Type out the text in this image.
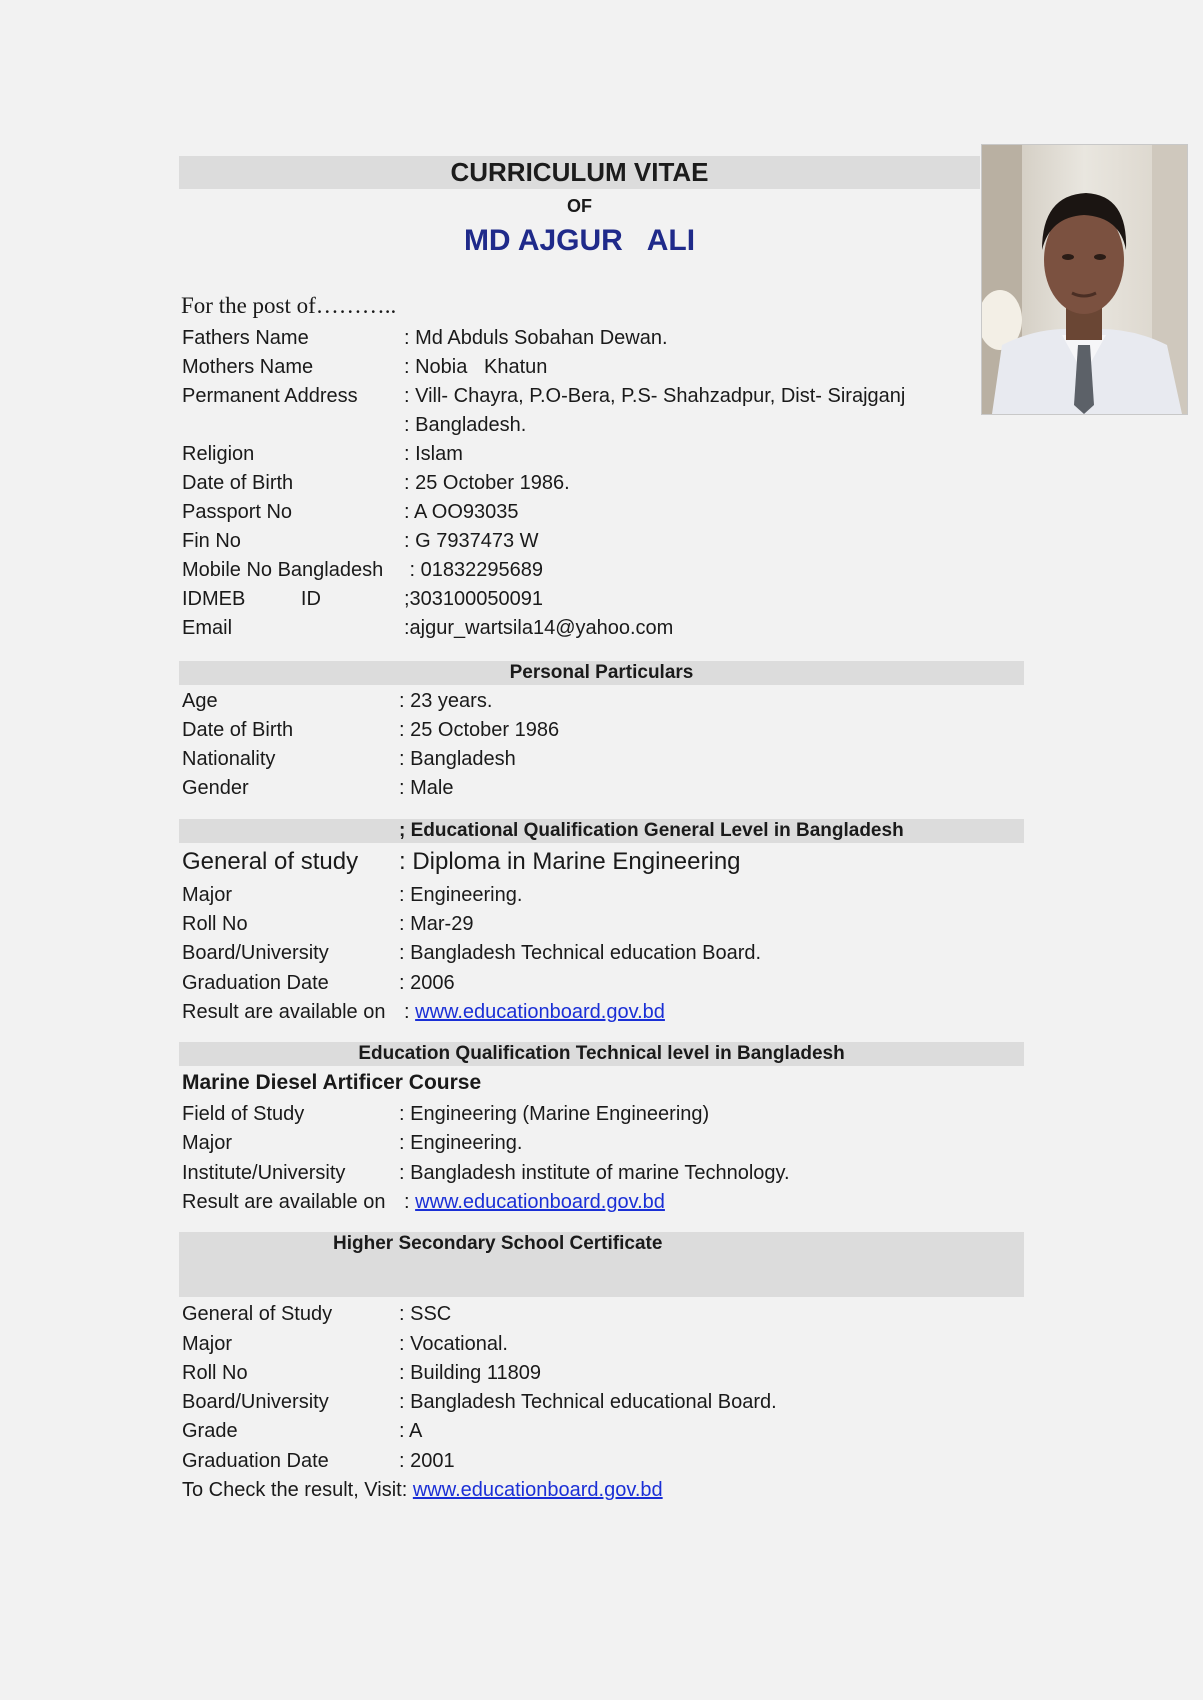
CURRICULUM VITAE
OF
MD AJGUR   ALI
For the post of………..
Fathers Name	: Md Abduls Sobahan Dewan.
Mothers Name	: Nobia   Khatun
Permanent Address : Vill- Chayra, P.O-Bera, P.S- Shahzadpur, Dist- Sirajganj
: Bangladesh.
Religion	: Islam
Date of Birth	: 25 October 1986.
Passport No	: A OO93035
Fin No	: G 7937473 W
Mobile No Bangladesh : 01832295689
IDMEB          ID	;303100050091
Email	:ajgur_wartsila14@yahoo.com
Personal Particulars
Age	: 23 years.
Date of Birth	: 25 October 1986
Nationality	: Bangladesh
Gender	: Male
; Educational Qualification General Level in Bangladesh
General of study : Diploma in Marine Engineering
Major	: Engineering.
Roll No	: Mar-29
Board/University	: Bangladesh Technical education Board.
Graduation Date	: 2006
Result are available on : www.educationboard.gov.bd
Education Qualification Technical level in Bangladesh
Marine Diesel Artificer Course
Field of Study	: Engineering (Marine Engineering)
Major	: Engineering.
Institute/University	: Bangladesh institute of marine Technology.
Result are available on : www.educationboard.gov.bd
Higher Secondary School Certificate
General of Study	: SSC
Major	: Vocational.
Roll No	: Building 11809
Board/University	: Bangladesh Technical educational Board.
Grade	: A
Graduation Date	: 2001
To Check the result, Visit: www.educationboard.gov.bd
